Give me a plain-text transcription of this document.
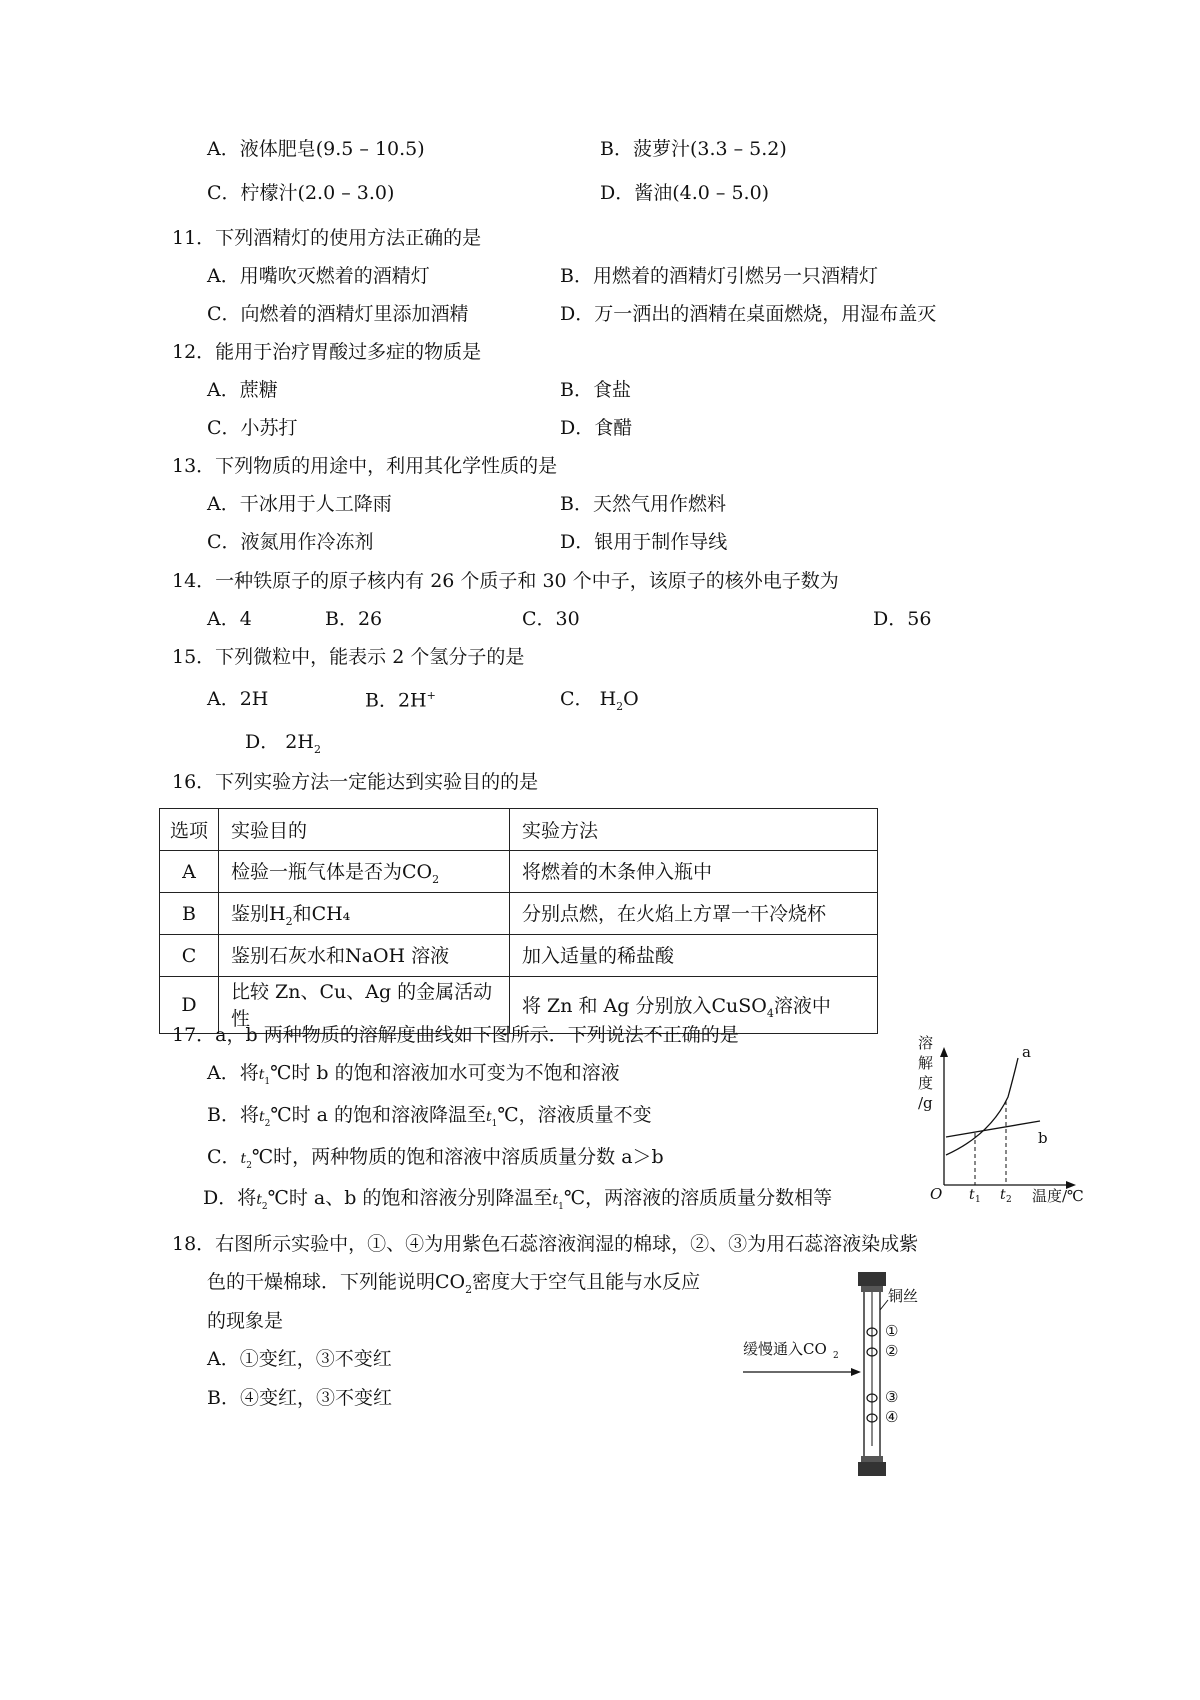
A．液体肥皂(9.5 – 10.5)	B．菠萝汁(3.3 – 5.2)
C．柠檬汁(2.0 – 3.0)	D．酱油(4.0 – 5.0)
11．下列酒精灯的使用方法正确的是
A．用嘴吹灭燃着的酒精灯	B．用燃着的酒精灯引燃另一只酒精灯
C．向燃着的酒精灯里添加酒精	D．万一洒出的酒精在桌面燃烧，用湿布盖灭
12．能用于治疗胃酸过多症的物质是
A．蔗糖	B．食盐
C．小苏打	D．食醋
13．下列物质的用途中，利用其化学性质的是
A．干冰用于人工降雨	B．天然气用作燃料
C．液氮用作冷冻剂	D．银用于制作导线
14．一种铁原子的原子核内有 26 个质子和 30 个中子，该原子的核外电子数为
A．4	B．26	C．30	D．56
15．下列微粒中，能表示 2 个氢分子的是
A．2H	B．2H+	C． $H_2O$
D． $2H_2$
16．下列实验方法一定能达到实验目的的是
选项	实验目的	实验方法
A	检验一瓶气体是否为$CO_2$	将燃着的木条伸入瓶中
B	鉴别$H_2$和CH₄	分别点燃，在火焰上方罩一干冷烧杯
C	鉴别石灰水和NaOH 溶液	加入适量的稀盐酸
D	比较 Zn、Cu、Ag 的金属活动性	将 Zn 和 Ag 分别放入CuSO$_4$溶液中
17．a，b 两种物质的溶解度曲线如下图所示．下列说法不正确的是
A．将$t_1℃$时 b 的饱和溶液加水可变为不饱和溶液
B．将$t_2℃$时 a 的饱和溶液降温至$t_1℃$，溶液质量不变
C．$t_2℃$时，两种物质的饱和溶液中溶质质量分数 a＞b
D．将$t_2℃$时 a、b 的饱和溶液分别降温至$t_1℃$，两溶液的溶质质量分数相等
溶
解
度
/g
a
b
O t 1 t 2 温度/℃
18．右图所示实验中，①、④为用紫色石蕊溶液润湿的棉球，②、③为用石蕊溶液染成紫
色的干燥棉球．下列能说明$CO_2$密度大于空气且能与水反应
的现象是
A．①变红，③不变红
B．④变红，③不变红
铜丝
①
②
③
④
缓慢通入CO 2
